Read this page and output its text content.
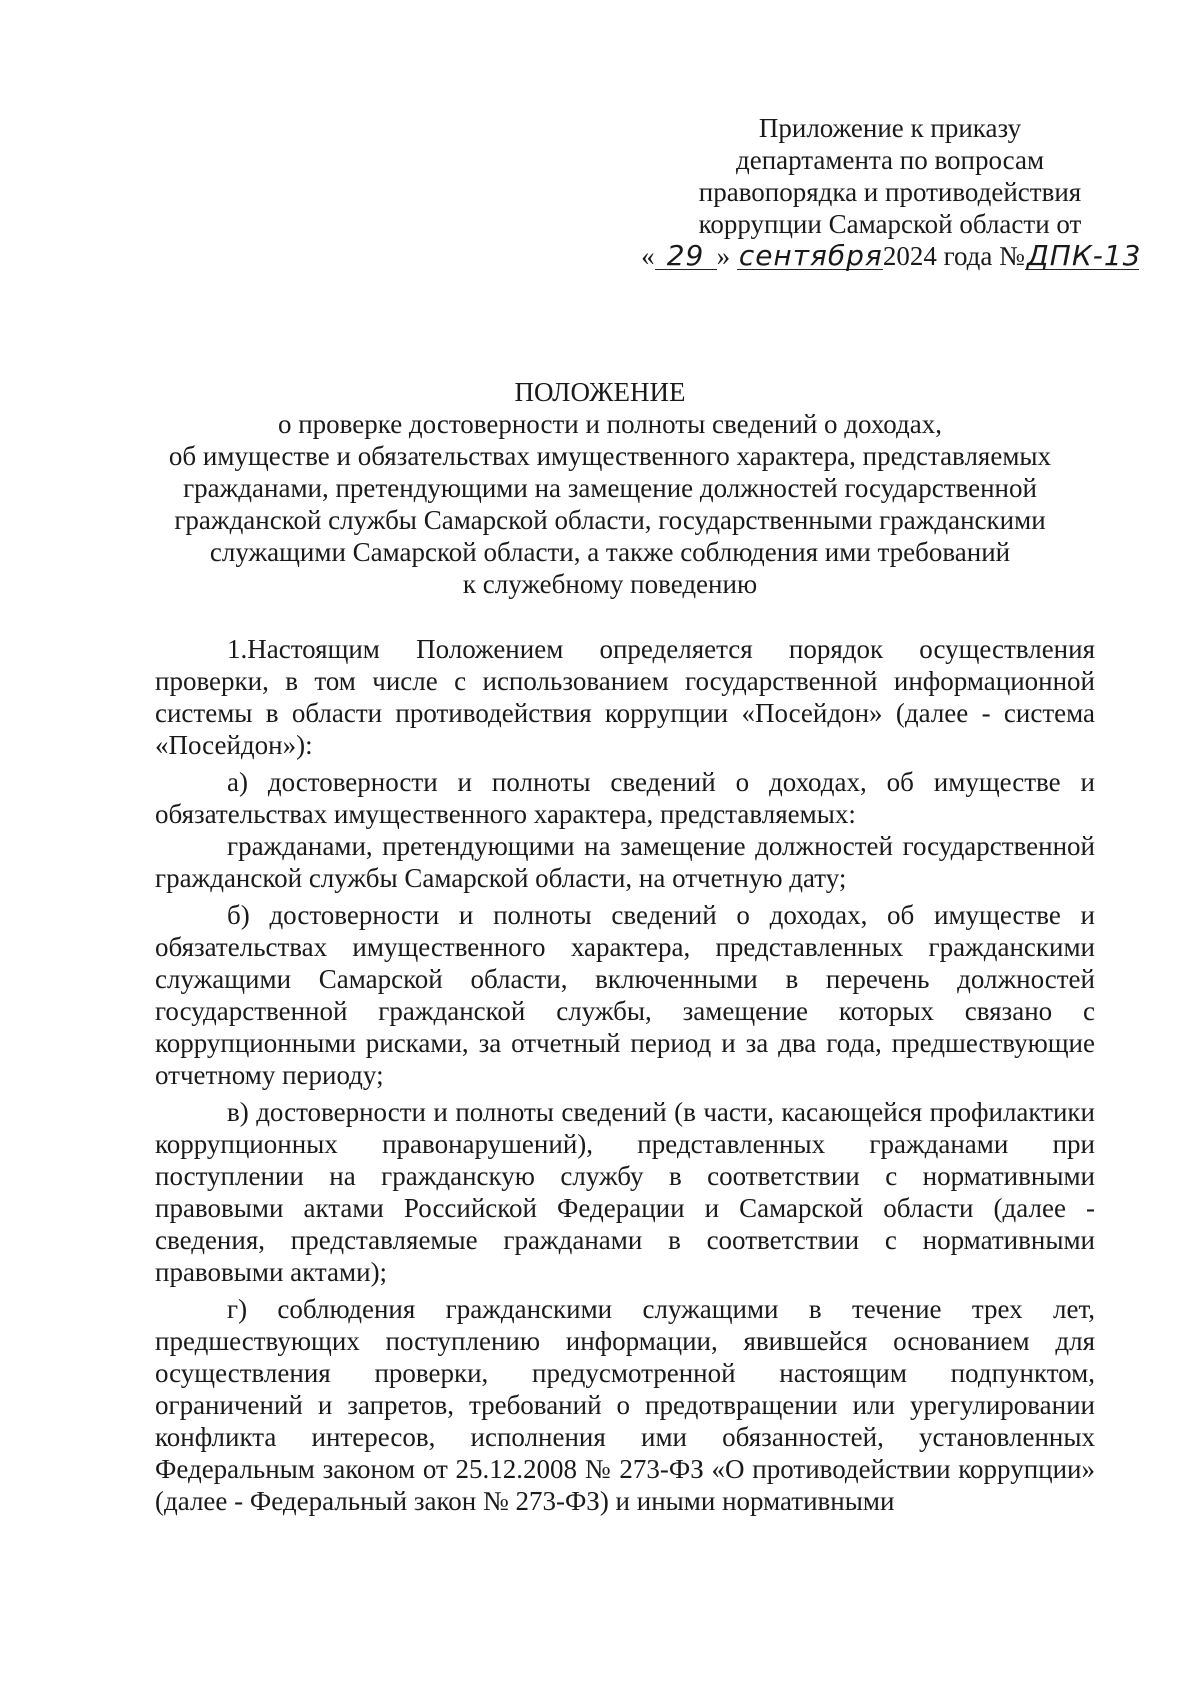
Приложение к приказу
департамента по вопросам
правопорядка и противодействия
коррупции Самарской области от
« 29 » сентября2024 года №ДПК-13
ПОЛОЖЕНИЕ
о проверке достоверности и полноты сведений о доходах,
об имуществе и обязательствах имущественного характера, представляемых
гражданами, претендующими на замещение должностей государственной
гражданской службы Самарской области, государственными гражданскими
служащими Самарской области, а также соблюдения ими требований
к служебному поведению

1.Настоящим Положением определяется порядок осуществления проверки, в том числе с использованием государственной информационной системы в области противодействия коррупции «Посейдон» (далее - система «Посейдон»):

а) достоверности и полноты сведений о доходах, об имуществе и обязательствах имущественного характера, представляемых:

гражданами, претендующими на замещение должностей государственной гражданской службы Самарской области, на отчетную дату;

б) достоверности и полноты сведений о доходах, об имуществе и обязательствах имущественного характера, представленных гражданскими служащими Самарской области, включенными в перечень должностей государственной гражданской службы, замещение которых связано с коррупционными рисками, за отчетный период и за два года, предшествующие отчетному периоду;

в) достоверности и полноты сведений (в части, касающейся профилактики коррупционных правонарушений), представленных гражданами при поступлении на гражданскую службу в соответствии с нормативными правовыми актами Российской Федерации и Самарской области (далее - сведения, представляемые гражданами в соответствии с нормативными правовыми актами);

г) соблюдения гражданскими служащими в течение трех лет, предшествующих поступлению информации, явившейся основанием для осуществления проверки, предусмотренной настоящим подпунктом, ограничений и запретов, требований о предотвращении или урегулировании конфликта интересов, исполнения ими обязанностей, установленных Федеральным законом от 25.12.2008 № 273-ФЗ «О противодействии коррупции» (далее - Федеральный закон № 273-ФЗ) и иными нормативными
